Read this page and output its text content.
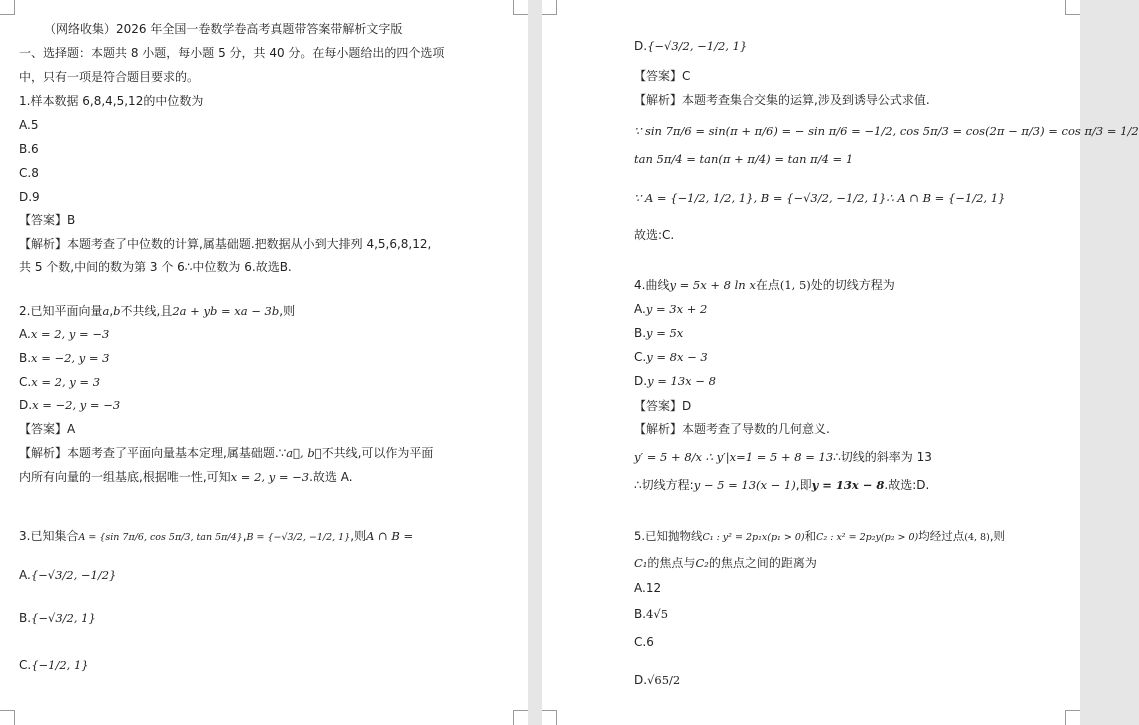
（网络收集）2026 年全国一卷数学卷高考真题带答案带解析文字版
一、选择题：本题共 8 小题，每小题 5 分，共 40 分。在每小题给出的四个选项
中，只有一项是符合题目要求的。
1.样本数据 6,8,4,5,12的中位数为
A.5
B.6
C.8
D.9
【答案】B
【解析】本题考查了中位数的计算,属基础题.把数据从小到大排列 4,5,6,8,12,
共 5 个数,中间的数为第 3 个 6∴中位数为 6.故选B.
2.已知平面向量a,b不共线,且2a + yb = xa − 3b,则
A.x = 2, y = −3
B.x = −2, y = 3
C.x = 2, y = 3
D.x = −2, y = −3
【答案】A
【解析】本题考查了平面向量基本定理,属基础题.∵a⃗, b⃗不共线,可以作为平面
内所有向量的一组基底,根据唯一性,可知x = 2, y = −3.故选 A.
3.已知集合A = {sin 7π/6, cos 5π/3, tan 5π/4},B = {−√3/2, −1/2, 1},则A ∩ B =
A.{−√3/2, −1/2}
B.{−√3/2, 1}
C.{−1/2, 1}
D.{−√3/2, −1/2, 1}
【答案】C
【解析】本题考查集合交集的运算,涉及到诱导公式求值.
∵ sin 7π/6 = sin(π + π/6) = − sin π/6 = −1/2, cos 5π/3 = cos(2π − π/3) = cos π/3 = 1/2
tan 5π/4 = tan(π + π/4) = tan π/4 = 1
∵ A = {−1/2, 1/2, 1}, B = {−√3/2, −1/2, 1}∴ A ∩ B = {−1/2, 1}
故选:C.
4.曲线y = 5x + 8 ln x在点(1, 5)处的切线方程为
A.y = 3x + 2
B.y = 5x
C.y = 8x − 3
D.y = 13x − 8
【答案】D
【解析】本题考查了导数的几何意义.
y′ = 5 + 8/x ∴ y′|x=1 = 5 + 8 = 13∴切线的斜率为 13
∴切线方程:y − 5 = 13(x − 1),即y = 13x − 8.故选:D.
5.已知抛物线C₁ : y² = 2p₁x(p₁ > 0)和C₂ : x² = 2p₂y(p₂ > 0)均经过点(4, 8),则
C₁的焦点与C₂的焦点之间的距离为
A.12
B.4√5
C.6
D.√65/2
